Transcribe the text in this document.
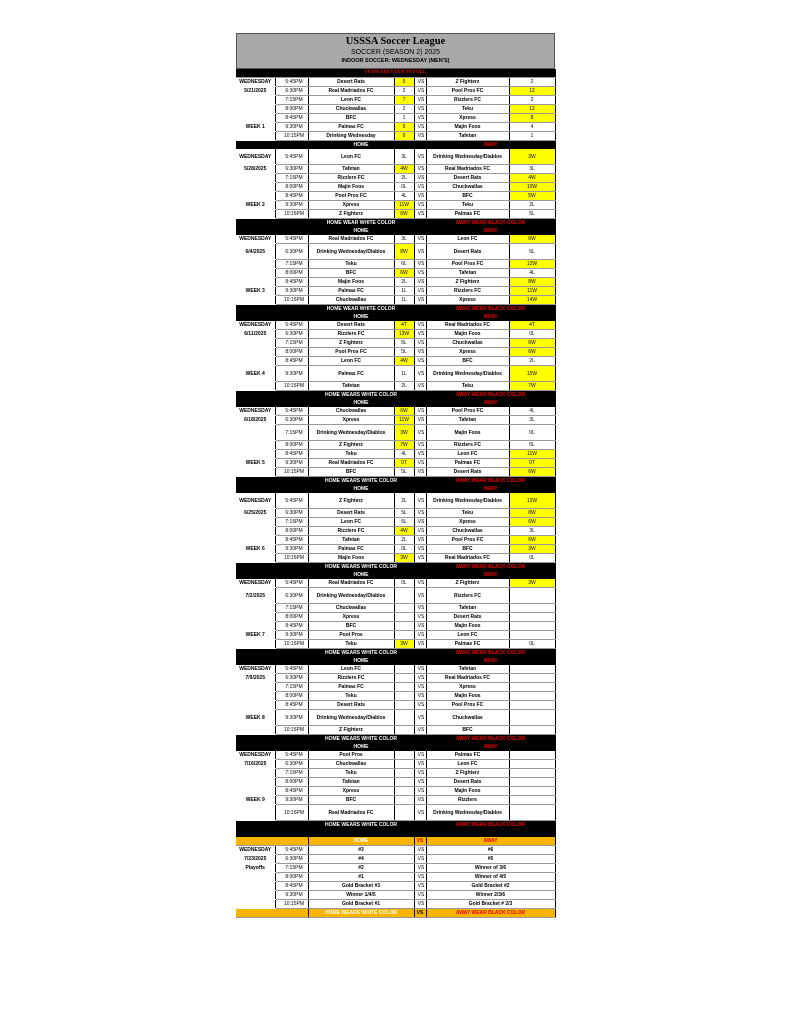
USSSA Soccer League
SOCCER (SEASON 2) 2025
INDOOR SOCCER: WEDNESDAY (MEN'S)
TEAM FEES DUE IN FULL						
WEDNESDAY	5:45PM	Desert Rats	5	VS	Z Fighterz	2
5/21/2025	6:30PM	Real Madriados FC	2	VS	Pool Pros FC	12
	7:15PM	Leon FC	7	VS	Rizzlers FC	2
	8:00PM	Chuckwallas	2	VS	Teku	12
	8:45PM	BFC	1	VS	Xpress	8
WEEK 1	9:30PM	Palmas FC	5	VS	Majin Foos	4
	10:15PM	Drinking Wednesday	9	VS	Tafetan	1
		HOME			AWAY	
WEDNESDAY	5:45PM	Leon FC	3L	VS	Drinking Wednesday/Diablos	3W
5/28/2025	6:30PM	Tafetan	4W	VS	Real Madriados FC	3L
	7:15PM	Rizzlers FC	2L	VS	Desert Rats	4W
	8:00PM	Majin Foos	0L	VS	Chuckwallas	10W
	8:45PM	Pool Pros FC	4L	VS	BFC	5W
WEEK 2	9:30PM	Xpress	11W	VS	Teku	2L
	10:15PM	Z Fighterz	6W	VS	Palmas FC	5L
		HOME WEAR WHITE COLOR			AWAY WEAR BLACK COLOR	
		HOME			AWAY	
WEDNESDAY	5:45PM	Real Madriados FC	3L	VS	Leon FC	6W
6/4/2025	6:30PM	Drinking Wednesday/Diablos	8W	VS	Desert Rats	5L
	7:15PM	Teku	6L	VS	Pool Pros FC	12W
	8:00PM	BFC	6W	VS	Tafetan	4L
	8:45PM	Majin Foos	2L	VS	Z Fighterz	8W
WEEK 3	9:30PM	Palmas FC	1L	VS	Rizzlers FC	11W
	10:15PM	Chuckwallas	1L	VS	Xpress	14W
		HOME WEAR WHITE COLOR			AWAY WEAR BLACK COLOR	
		HOME			AWAY	
WEDNESDAY	5:45PM	Desert Rats	4T	VS	Real Madriados FC	4T
6/11/2025	6:30PM	Rizzlers FC	13W	VS	Majin Foos	0L
	7:15PM	Z Fighterz	5L	VS	Chuckwallas	6W
	8:00PM	Pool Pros FC	5L	VS	Xpress	6W
	8:45PM	Leon FC	4W	VS	BFC	2L
WEEK 4	9:30PM	Palmas FC	1L	VS	Drinking Wednesday/Diablos	15W
	10:15PM	Tafetan	2L	VS	Teku	7W
		HOME WEARS WHITE COLOR			AWAY WEAR BLACK COLOR	
		HOME			AWAY	
WEDNESDAY	5:45PM	Chuckwallas	6W	VS	Pool Pros FC	4L
6/18/2025	6:30PM	Xpress	11W	VS	Tafetan	3L
	7:15PM	Drinking Wednesday/Diablos	3W	VS	Majin Foos	0L
	8:00PM	Z Fighterz	7W	VS	Rizzlers FC	5L
	8:45PM	Teku	4L	VS	Leon FC	11W
WEEK 5	9:30PM	Real Madriados FC	0T	VS	Palmas FC	0T
	10:15PM	BFC	5L	VS	Desert Rats	6W
		HOME WEARS WHITE COLOR			AWAY WEAR BLACK COLOR	
		HOME			AWAY	
WEDNESDAY	5:45PM	Z Fighterz	2L	VS	Drinking Wednesday/Diablos	12W
6/25/2025	6:30PM	Desert Rats	5L	VS	Teku	8W
	7:15PM	Leon FC	5L	VS	Xpress	6W
	8:00PM	Rizzlers FC	4W	VS	Chuckwallas	3L
	8:45PM	Tafetan	2L	VS	Pool Pros FC	6W
WEEK 6	9:30PM	Palmas FC	0L	VS	BFC	3W
	10:15PM	Majin Foos	3W	VS	Real Madriados FC	0L
		HOME WEARS WHITE COLOR			AWAY WEAR BLACK COLOR	
		HOME			AWAY	
WEDNESDAY	5:45PM	Real Madriados FC	0L	VS	Z Fighterz	3W
7/2/2025	6:30PM	Drinking Wednesday/Diablos		VS	Rizzlers FC	
	7:15PM	Chuckwallas		VS	Tafetan	
	8:00PM	Xpress		VS	Desert Rats	
	8:45PM	BFC		VS	Majin Foos	
WEEK 7	9:30PM	Pool Pros		VS	Leon FC	
	10:15PM	Teku	3W	VS	Palmas FC	0L
		HOME WEARS WHITE COLOR			AWAY WEAR BLACK COLOR	
		HOME			AWAY	
WEDNESDAY	5:45PM	Leon FC		VS	Tafetan	
7/9/2025	6:30PM	Rizzlers FC		VS	Real Madriados FC	
	7:15PM	Palmas FC		VS	Xpress	
	8:00PM	Teku		VS	Majin Foos	
	8:45PM	Desert Rats		VS	Pool Pros FC	
WEEK 8	9:30PM	Drinking Wednesday/Diablos		VS	Chuckwallas	
	10:15PM	Z Fighterz		VS	BFC	
		HOME WEARS WHITE COLOR			AWAY WEAR BLACK COLOR	
		HOME			AWAY	
WEDNESDAY	5:45PM	Pool Pros		VS	Palmas FC	
7/16/2025	6:30PM	Chuckwallas		VS	Leon FC	
	7:15PM	Teku		VS	Z Fighterz	
	8:00PM	Tafetan		VS	Desert Rats	
	8:45PM	Xpress		VS	Majin Foos	
WEEK 9	9:30PM	BFC		VS	Rizzlers	
	10:15PM	Real Madriados FC		VS	Drinking Wednesday/Diablos	
		HOME WEARS WHITE COLOR			AWAY WEAR BLACK COLOR	

		HOME		VS	AWAY	
WEDNESDAY	5:45PM	#3		VS	#6	
7/23/2025	6:30PM	#4		VS	#5	
Playoffs	7:15PM	#2		VS	Winner of 3/6	
	8:00PM	#1		VS	Winner of 4/5	
	8:45PM	Gold Bracket #3		VS	Gold Bracket #2	
	9:30PM	Winner 1/4/5		VS	Winner 2/3/6	
	10:15PM	Gold Bracket #1		VS	Gold Bracket # 2/3	
		HOME WEARS WHITE COLOR		VS	AWAY WEAR BLACK COLOR	
